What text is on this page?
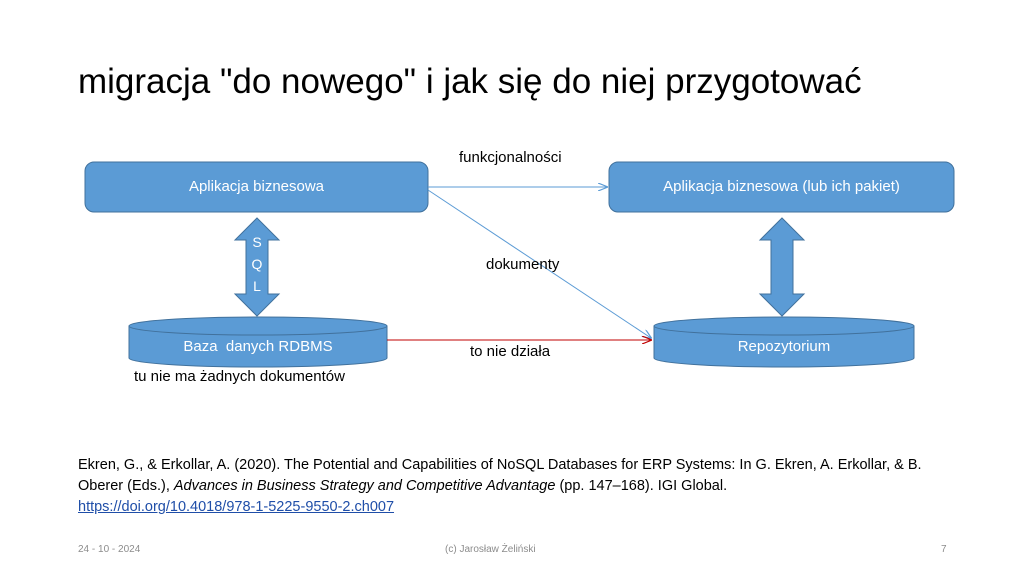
migracja "do nowego" i jak się do niej przygotować
Aplikacja biznesowa	Aplikacja biznesowa (lub ich pakiet)
Baza  danych RDBMS	Repozytorium
S
Q
L
funkcjonalności
dokumenty
to nie działa
tu nie ma żadnych dokumentów
Ekren, G., & Erkollar, A. (2020). The Potential and Capabilities of NoSQL Databases for ERP Systems: In G. Ekren, A. Erkollar, & B. Oberer (Eds.), Advances in Business Strategy and Competitive Advantage (pp. 147–168). IGI Global.
https://doi.org/10.4018/978-1-5225-9550-2.ch007
24 - 10 - 2024	(c) Jarosław Żeliński	7
